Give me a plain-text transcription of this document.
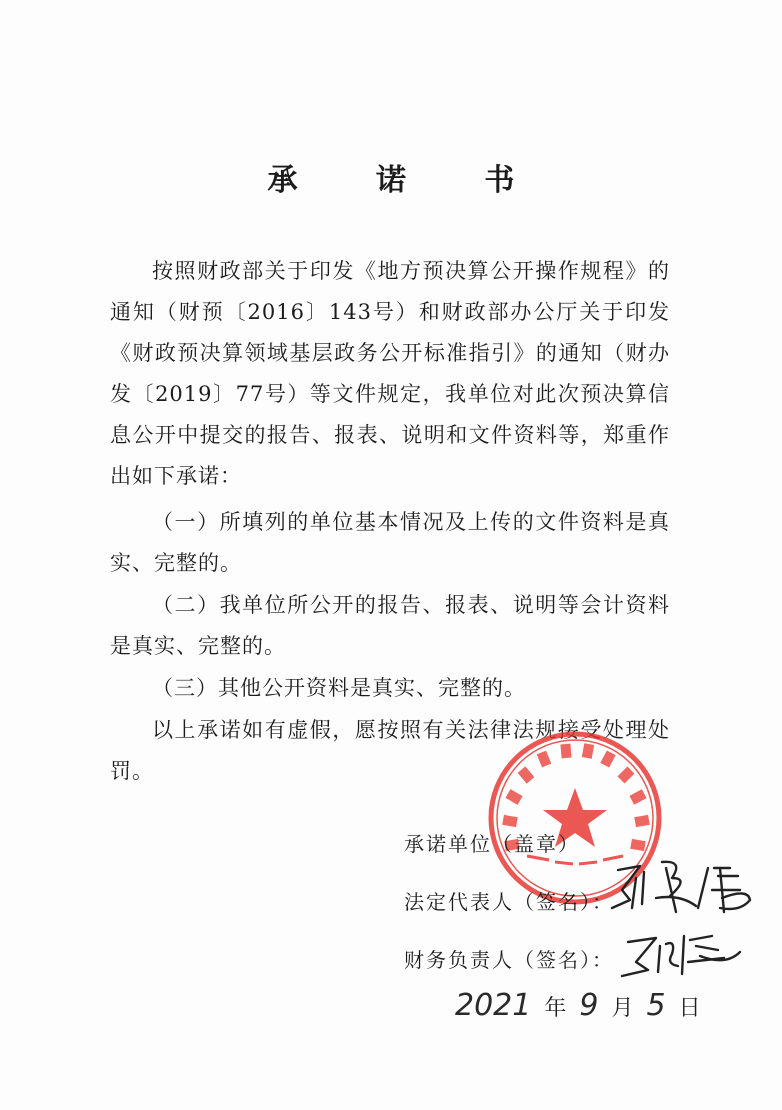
承 诺 书
按照财政部关于印发《地方预决算公开操作规程》的通知（财预〔2016〕143号）和财政部办公厅关于印发《财政预决算领域基层政务公开标准指引》的通知（财办发〔2019〕77号）等文件规定，我单位对此次预决算信息公开中提交的报告、报表、说明和文件资料等，郑重作出如下承诺：
（一）所填列的单位基本情况及上传的文件资料是真实、完整的。
（二）我单位所公开的报告、报表、说明等会计资料是真实、完整的。
（三）其他公开资料是真实、完整的。
以上承诺如有虚假，愿按照有关法律法规接受处理处罚。
承诺单位（盖章）
法定代表人（签名）：
财务负责人（签名）：
2021 年 9 月 5 日
